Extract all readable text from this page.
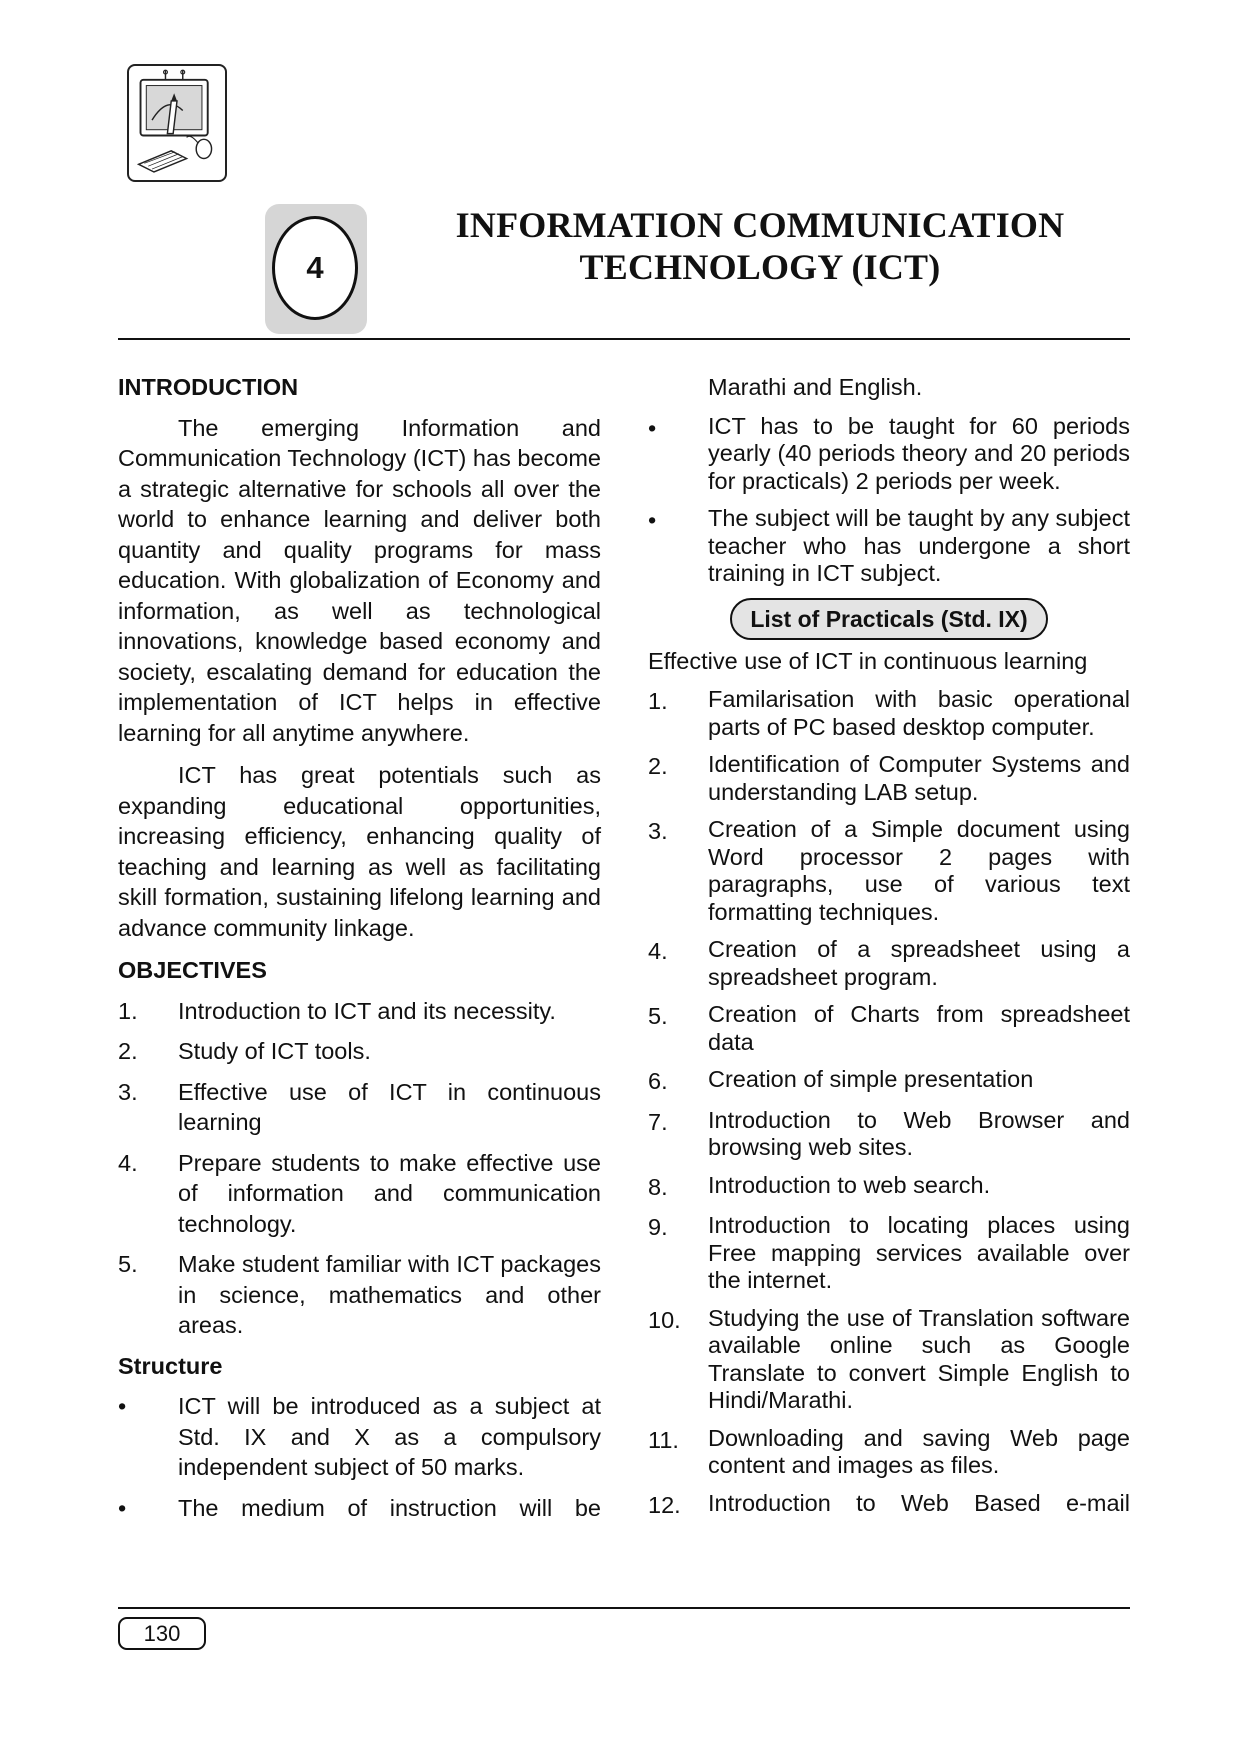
4
INFORMATION COMMUNICATION
TECHNOLOGY (ICT)
INTRODUCTION

The emerging Information and Communication Technology (ICT) has become a strategic alternative for schools all over the world to enhance learning and deliver both quantity and quality programs for mass education. With globalization of Economy and information, as well as technological innovations, knowledge based economy and society, escalating demand for education the implementation of ICT helps in effective learning for all anytime anywhere.

ICT has great potentials such as expanding educational opportunities, increasing efficiency, enhancing quality of teaching and learning as well as facilitating skill formation, sustaining lifelong learning and advance community linkage.

OBJECTIVES
1.	Introduction to ICT and its necessity.
2.	Study of ICT tools.
3.	Effective use of ICT in continuous learning
4.	Prepare students to make effective use of information and communication technology.
5.	Make student familiar with ICT packages in science, mathematics and other areas.
Structure
•	ICT will be introduced as a subject at Std. IX and X as a compulsory independent subject of 50 marks.
•	The medium of instruction will be
Marathi and English.
•	ICT has to be taught for 60 periods yearly (40 periods theory and 20 periods for practicals) 2 periods per week.
•	The subject will be taught by any subject teacher who has undergone a short training in ICT subject.
List of Practicals (Std. IX)
Effective use of ICT in continuous learning
1.	Familarisation with basic operational parts of PC based desktop computer.
2.	Identification of Computer Systems and understanding LAB setup.
3.	Creation of a Simple document using Word processor 2 pages with paragraphs, use of various text formatting techniques.
4.	Creation of a spreadsheet using a spreadsheet program.
5.	Creation of Charts from spreadsheet data
6.	Creation of simple presentation
7.	Introduction to Web Browser and browsing web sites.
8.	Introduction to web search.
9.	Introduction to locating places using Free mapping services available over the internet.
10.	Studying the use of Translation software available online such as Google Translate to convert Simple English to Hindi/Marathi.
11.	Downloading and saving Web page content and images as files.
12.	Introduction to Web Based e-mail
130
